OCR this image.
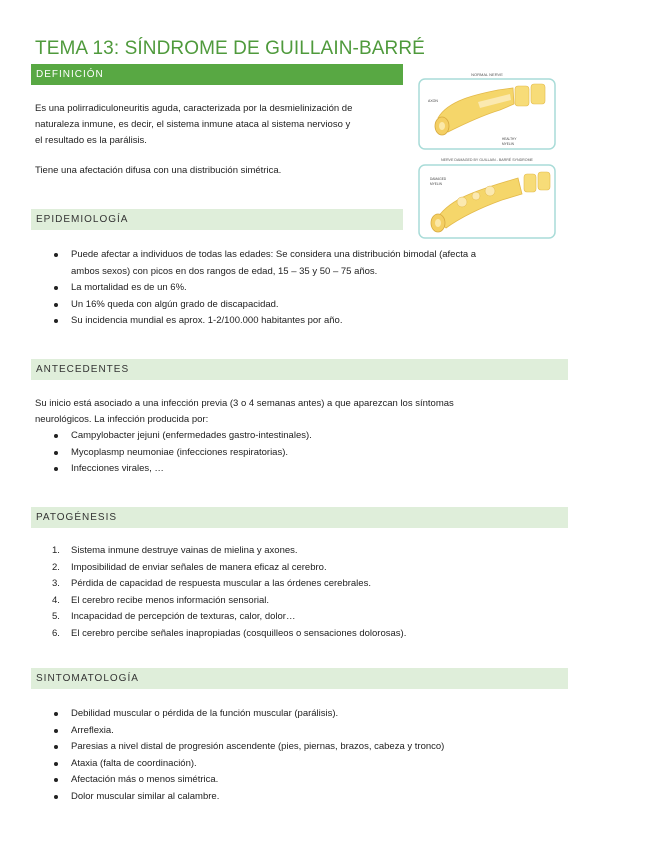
TEMA 13: SÍNDROME DE GUILLAIN-BARRÉ
DEFINICIÓN

Es una polirradiculoneuritis aguda, caracterizada por la desmielinización de
naturaleza inmune, es decir, el sistema inmune ataca al sistema nervioso y
el resultado es la parálisis.

Tiene una afectación difusa con una distribución simétrica.

NORMAL NERVE
AXON
HEALTHY
MYELIN
NERVE DAMAGED BY GUILLAIN - BARRÉ SYNDROME
DAMAGED
MYELIN
EPIDEMIOLOGÍA
Puede afectar a individuos de todas las edades: Se considera una distribución bimodal (afecta a
ambos sexos) con picos en dos rangos de edad, 15 – 35 y 50 – 75 años.
La mortalidad es de un 6%.
Un 16% queda con algún grado de discapacidad.
Su incidencia mundial es aprox. 1-2/100.000 habitantes por año.
ANTECEDENTES

Su inicio está asociado a una infección previa (3 o 4 semanas antes) a que aparezcan los síntomas
neurológicos. La infección producida por:

Campylobacter jejuni (enfermedades gastro-intestinales).
Mycoplasmp neumoniae (infecciones respiratorias).
Infecciones virales, …
PATOGÉNESIS
1. Sistema inmune destruye vainas de mielina y axones.
2. Imposibilidad de enviar señales de manera eficaz al cerebro.
3. Pérdida de capacidad de respuesta muscular a las órdenes cerebrales.
4. El cerebro recibe menos información sensorial.
5. Incapacidad de percepción de texturas, calor, dolor…
6. El cerebro percibe señales inapropiadas (cosquilleos o sensaciones dolorosas).
SINTOMATOLOGÍA
Debilidad muscular o pérdida de la función muscular (parálisis).
Arreflexia.
Paresias a nivel distal de progresión ascendente (pies, piernas, brazos, cabeza y tronco)
Ataxia (falta de coordinación).
Afectación más o menos simétrica.
Dolor muscular similar al calambre.
